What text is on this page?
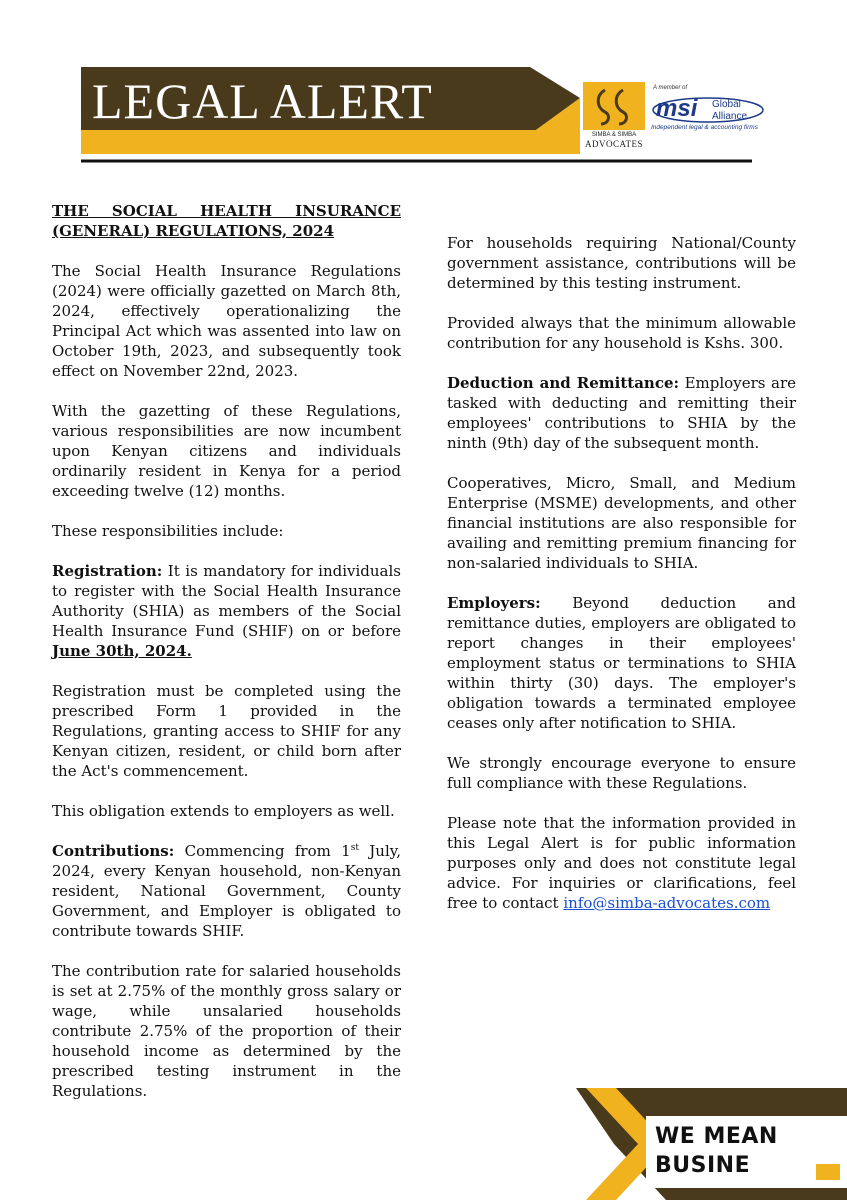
LEGAL ALERT
SIMBA & SIMBA
ADVOCATES
A member of
msi Global
Alliance
Independent legal & accounting firms

THE SOCIAL HEALTH INSURANCE (GENERAL) REGULATIONS, 2024

The Social Health Insurance Regulations (2024) were officially gazetted on March 8th, 2024, effectively operationalizing the Principal Act which was assented into law on October 19th, 2023, and subsequently took effect on November 22nd, 2023.

With the gazetting of these Regulations, various responsibilities are now incumbent upon Kenyan citizens and individuals ordinarily resident in Kenya for a period exceeding twelve (12) months.

These responsibilities include:

Registration: It is mandatory for individuals to register with the Social Health Insurance Authority (SHIA) as members of the Social Health Insurance Fund (SHIF) on or before June 30th, 2024.

Registration must be completed using the prescribed Form 1 provided in the Regulations, granting access to SHIF for any Kenyan citizen, resident, or child born after the Act's commencement.

This obligation extends to employers as well.

Contributions: Commencing from 1st July, 2024, every Kenyan household, non-Kenyan resident, National Government, County Government, and Employer is obligated to contribute towards SHIF.

The contribution rate for salaried households is set at 2.75% of the monthly gross salary or wage, while unsalaried households contribute 2.75% of the proportion of their household income as determined by the prescribed testing instrument in the Regulations.

For households requiring National/County government assistance, contributions will be determined by this testing instrument.

Provided always that the minimum allowable contribution for any household is Kshs. 300.

Deduction and Remittance: Employers are tasked with deducting and remitting their employees' contributions to SHIA by the ninth (9th) day of the subsequent month.

Cooperatives, Micro, Small, and Medium Enterprise (MSME) developments, and other financial institutions are also responsible for availing and remitting premium financing for non-salaried individuals to SHIA.

Employers: Beyond deduction and remittance duties, employers are obligated to report changes in their employees' employment status or terminations to SHIA within thirty (30) days. The employer's obligation towards a terminated employee ceases only after notification to SHIA.

We strongly encourage everyone to ensure full compliance with these Regulations.

Please note that the information provided in this Legal Alert is for public information purposes only and does not constitute legal advice. For inquiries or clarifications, feel free to contact info@simba-advocates.com

WE MEAN
BUSINE
